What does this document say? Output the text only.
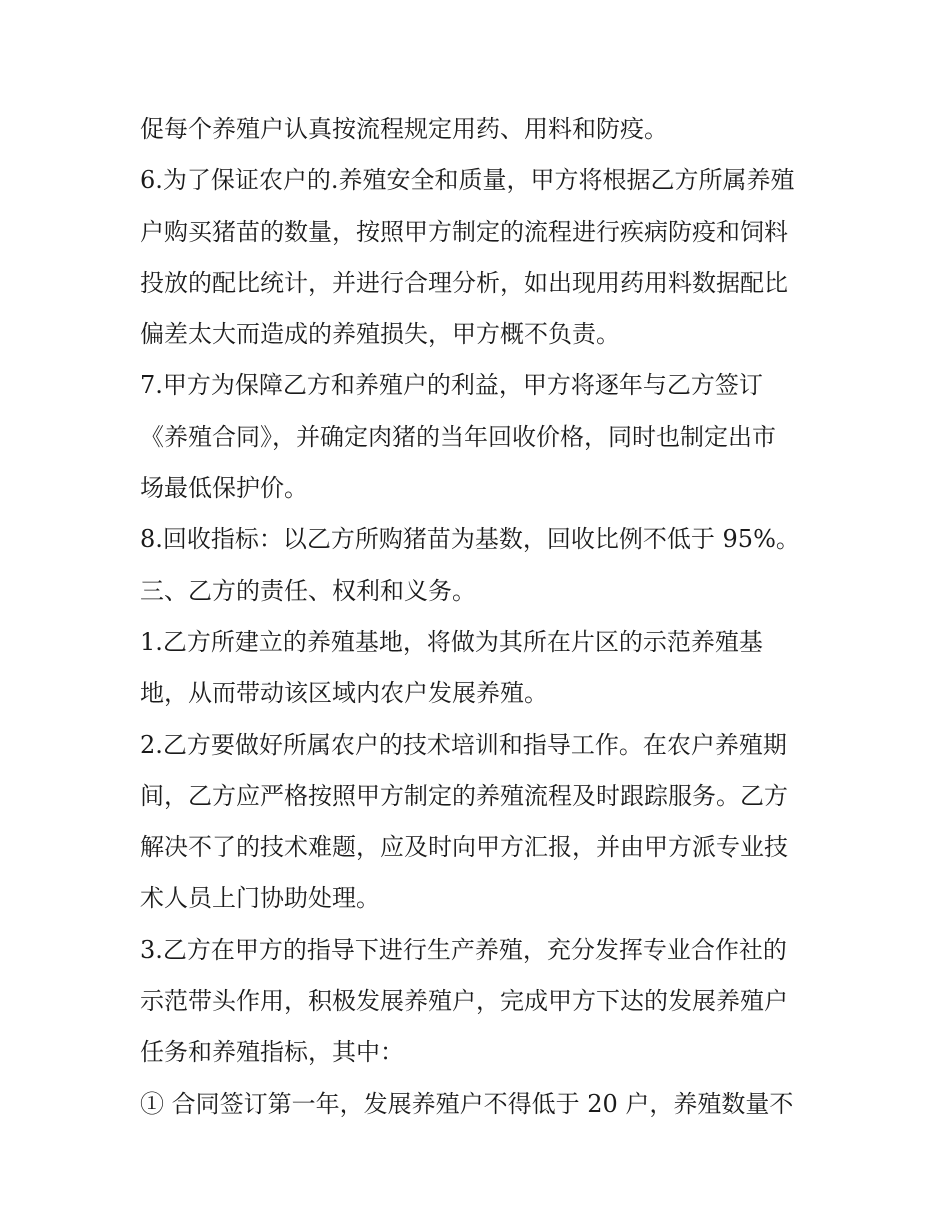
促每个养殖户认真按流程规定用药、用料和防疫。
6.为了保证农户的.养殖安全和质量，甲方将根据乙方所属养殖
户购买猪苗的数量，按照甲方制定的流程进行疾病防疫和饲料
投放的配比统计，并进行合理分析，如出现用药用料数据配比
偏差太大而造成的养殖损失，甲方概不负责。
7.甲方为保障乙方和养殖户的利益，甲方将逐年与乙方签订
《养殖合同》，并确定肉猪的当年回收价格，同时也制定出市
场最低保护价。
8.回收指标：以乙方所购猪苗为基数，回收比例不低于 95%。
三、乙方的责任、权利和义务。
1.乙方所建立的养殖基地，将做为其所在片区的示范养殖基
地，从而带动该区域内农户发展养殖。
2.乙方要做好所属农户的技术培训和指导工作。在农户养殖期
间，乙方应严格按照甲方制定的养殖流程及时跟踪服务。乙方
解决不了的技术难题，应及时向甲方汇报，并由甲方派专业技
术人员上门协助处理。
3.乙方在甲方的指导下进行生产养殖，充分发挥专业合作社的
示范带头作用，积极发展养殖户，完成甲方下达的发展养殖户
任务和养殖指标，其中：
① 合同签订第一年，发展养殖户不得低于 20 户，养殖数量不
